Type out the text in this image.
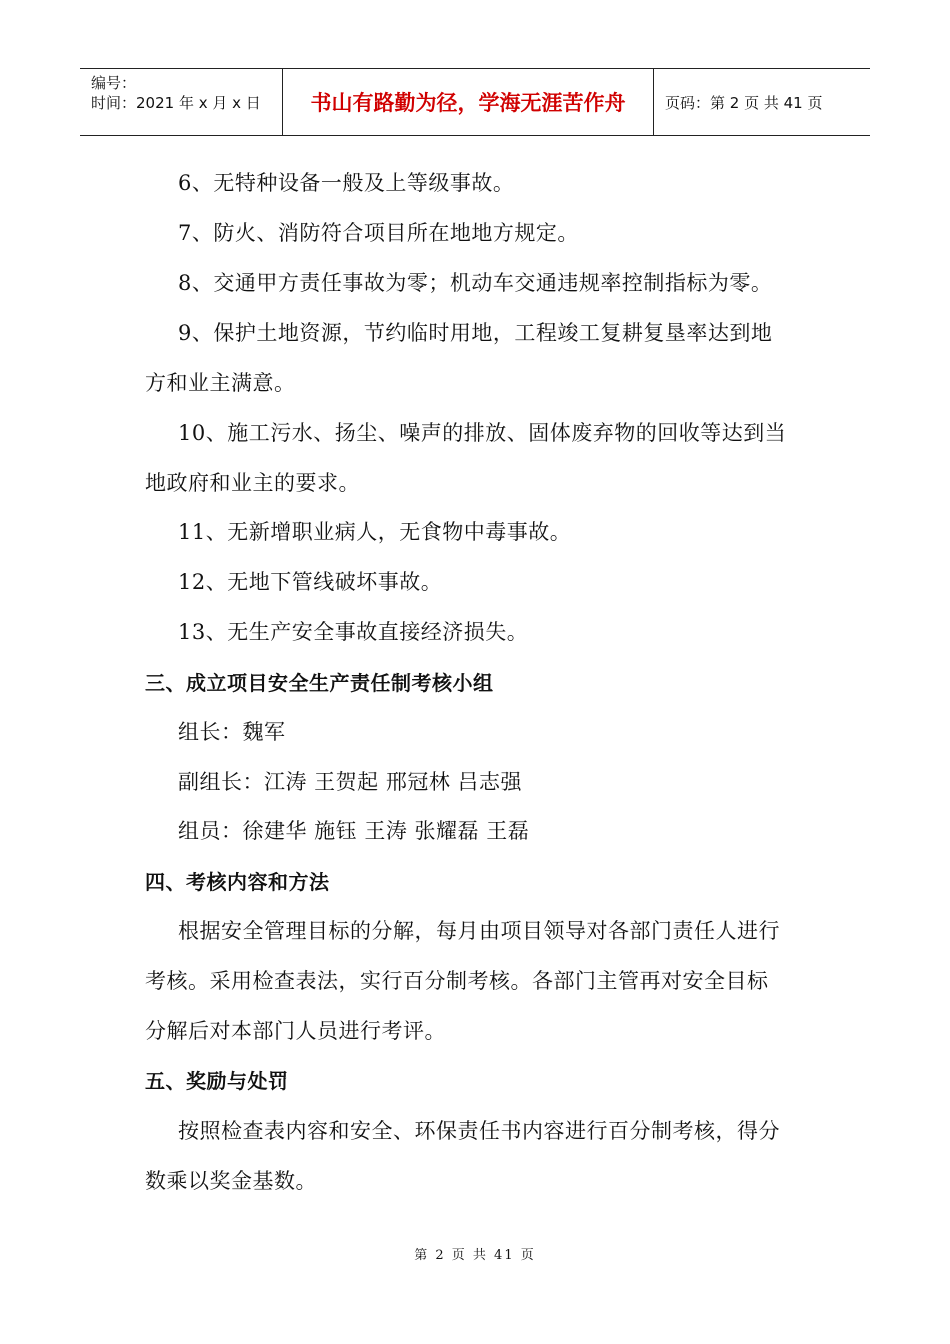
编号：
时间：2021 年 x 月 x 日	书山有路勤为径，学海无涯苦作舟	页码：第 2 页 共 41 页
6、无特种设备一般及上等级事故。
7、防火、消防符合项目所在地地方规定。
8、交通甲方责任事故为零；机动车交通违规率控制指标为零。
9、保护土地资源，节约临时用地，工程竣工复耕复垦率达到地
方和业主满意。
10、施工污水、扬尘、噪声的排放、固体废弃物的回收等达到当
地政府和业主的要求。
11、无新增职业病人，无食物中毒事故。
12、无地下管线破坏事故。
13、无生产安全事故直接经济损失。
三、成立项目安全生产责任制考核小组
组长：魏军
副组长：江涛 王贺起 邢冠林 吕志强
组员：徐建华 施钰 王涛 张耀磊 王磊
四、考核内容和方法
根据安全管理目标的分解，每月由项目领导对各部门责任人进行
考核。采用检查表法，实行百分制考核。各部门主管再对安全目标
分解后对本部门人员进行考评。
五、奖励与处罚
按照检查表内容和安全、环保责任书内容进行百分制考核，得分
数乘以奖金基数。
第 2 页 共 41 页
